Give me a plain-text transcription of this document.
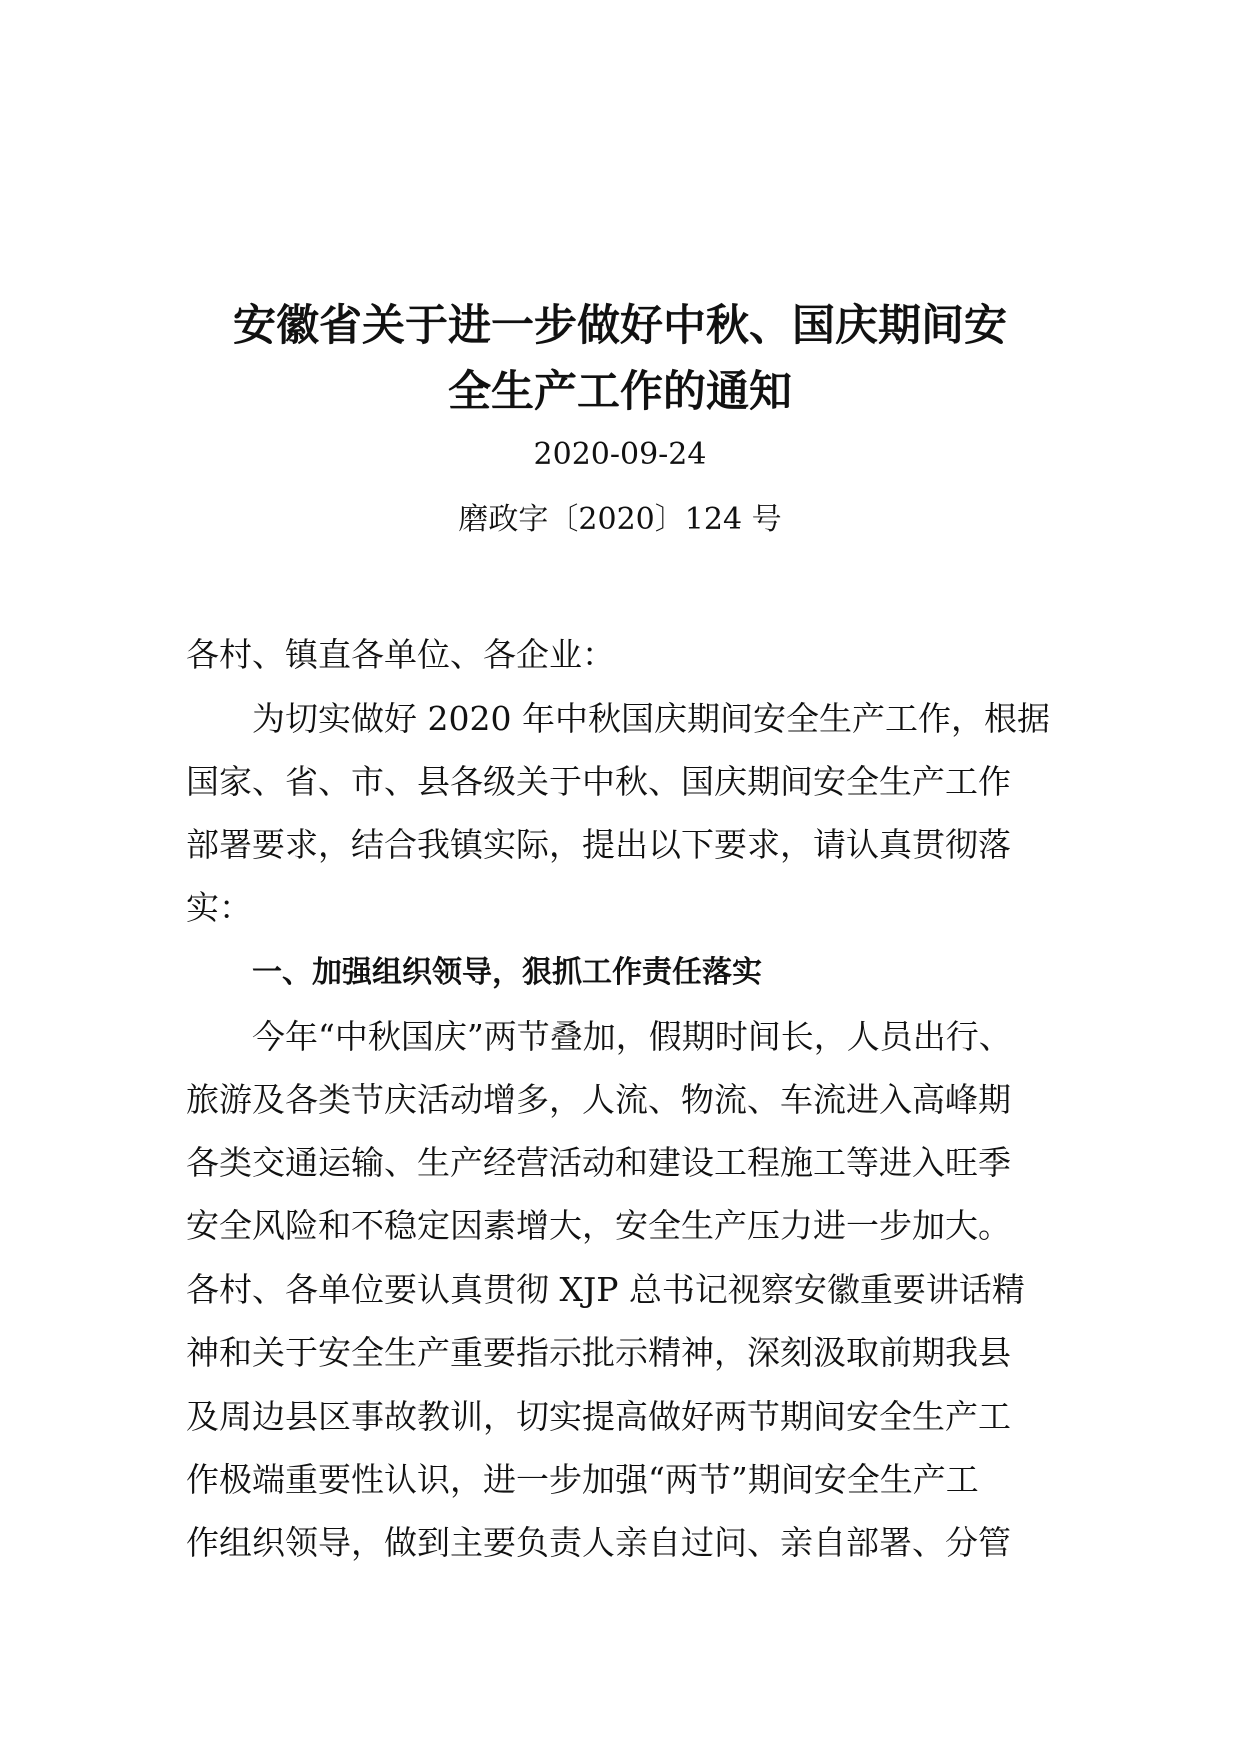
安徽省关于进一步做好中秋、国庆期间安
全生产工作的通知
2020-09-24
磨政字〔2020〕124 号
各村、镇直各单位、各企业：
为切实做好 2020 年中秋国庆期间安全生产工作，根据
国家、省、市、县各级关于中秋、国庆期间安全生产工作
部署要求，结合我镇实际，提出以下要求，请认真贯彻落
实：
一、加强组织领导，狠抓工作责任落实
今年“中秋国庆”两节叠加，假期时间长，人员出行、
旅游及各类节庆活动增多，人流、物流、车流进入高峰期
各类交通运输、生产经营活动和建设工程施工等进入旺季
安全风险和不稳定因素增大，安全生产压力进一步加大。
各村、各单位要认真贯彻 XJP 总书记视察安徽重要讲话精
神和关于安全生产重要指示批示精神，深刻汲取前期我县
及周边县区事故教训，切实提高做好两节期间安全生产工
作极端重要性认识，进一步加强“两节”期间安全生产工
作组织领导，做到主要负责人亲自过问、亲自部署、分管
